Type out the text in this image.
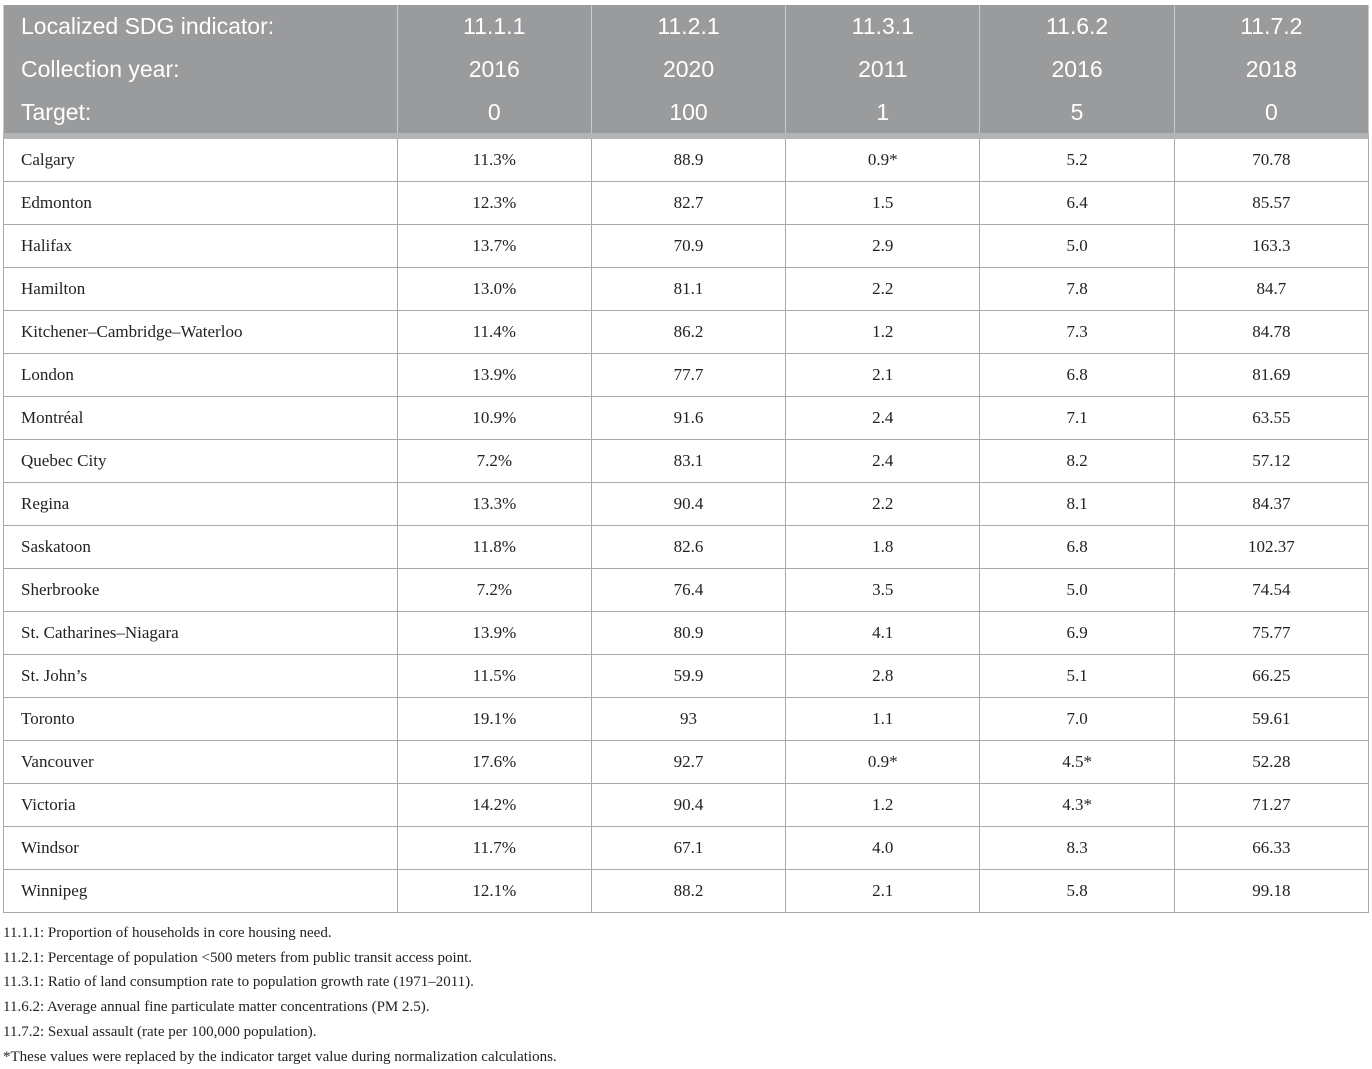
Localized SDG indicator:	11.1.1	11.2.1	11.3.1	11.6.2	11.7.2
Collection year:	2016	2020	2011	2016	2018
Target:	0	100	1	5	0
Calgary	11.3%	88.9	0.9*	5.2	70.78
Edmonton	12.3%	82.7	1.5	6.4	85.57
Halifax	13.7%	70.9	2.9	5.0	163.3
Hamilton	13.0%	81.1	2.2	7.8	84.7
Kitchener–Cambridge–Waterloo	11.4%	86.2	1.2	7.3	84.78
London	13.9%	77.7	2.1	6.8	81.69
Montréal	10.9%	91.6	2.4	7.1	63.55
Quebec City	7.2%	83.1	2.4	8.2	57.12
Regina	13.3%	90.4	2.2	8.1	84.37
Saskatoon	11.8%	82.6	1.8	6.8	102.37
Sherbrooke	7.2%	76.4	3.5	5.0	74.54
St. Catharines–Niagara	13.9%	80.9	4.1	6.9	75.77
St. John’s	11.5%	59.9	2.8	5.1	66.25
Toronto	19.1%	93	1.1	7.0	59.61
Vancouver	17.6%	92.7	0.9*	4.5*	52.28
Victoria	14.2%	90.4	1.2	4.3*	71.27
Windsor	11.7%	67.1	4.0	8.3	66.33
Winnipeg	12.1%	88.2	2.1	5.8	99.18
11.1.1: Proportion of households in core housing need.
11.2.1: Percentage of population <500 meters from public transit access point.
11.3.1: Ratio of land consumption rate to population growth rate (1971–2011).
11.6.2: Average annual fine particulate matter concentrations (PM 2.5).
11.7.2: Sexual assault (rate per 100,000 population).
*These values were replaced by the indicator target value during normalization calculations.
